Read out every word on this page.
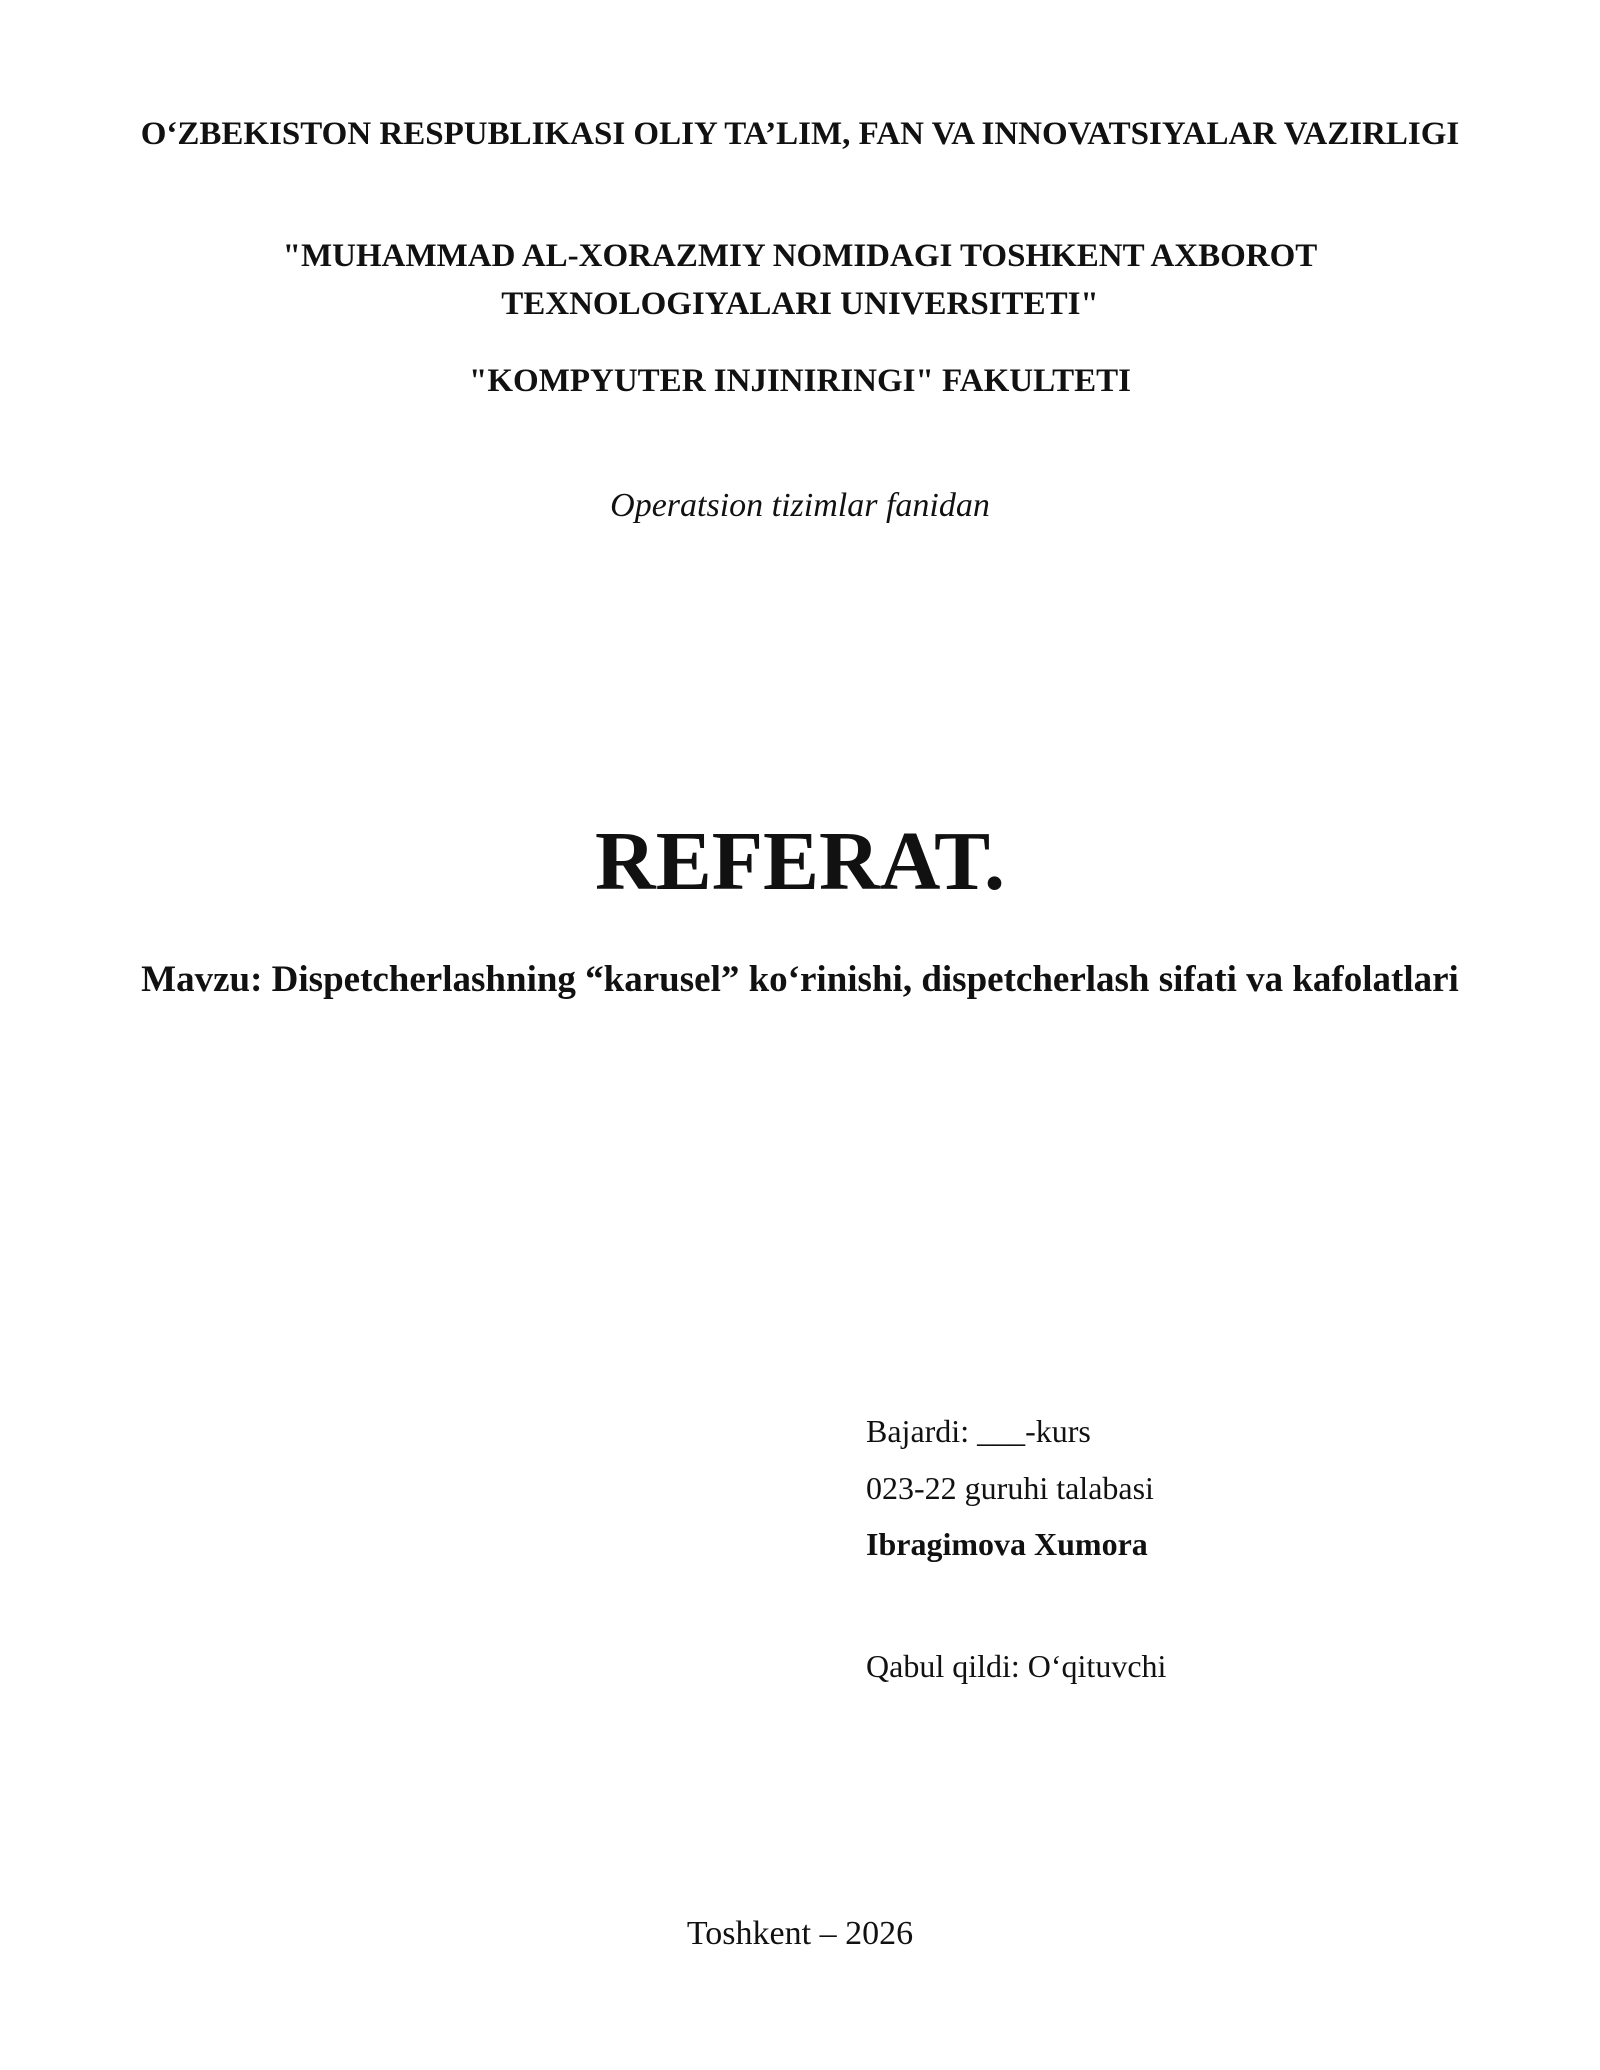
O‘ZBEKISTON RESPUBLIKASI OLIY TA’LIM, FAN VA INNOVATSIYALAR VAZIRLIGI
"MUHAMMAD AL-XORAZMIY NOMIDAGI TOSHKENT AXBOROT TEXNOLOGIYALARI UNIVERSITETI"
"KOMPYUTER INJINIRINGI" FAKULTETI
Operatsion tizimlar fanidan
REFERAT.
Mavzu: Dispetcherlashning “karusel” ko‘rinishi, dispetcherlash sifati va kafolatlari
Bajardi: ___-kurs
023-22 guruhi talabasi
Ibragimova Xumora
Qabul qildi: O‘qituvchi
Toshkent – 2026
